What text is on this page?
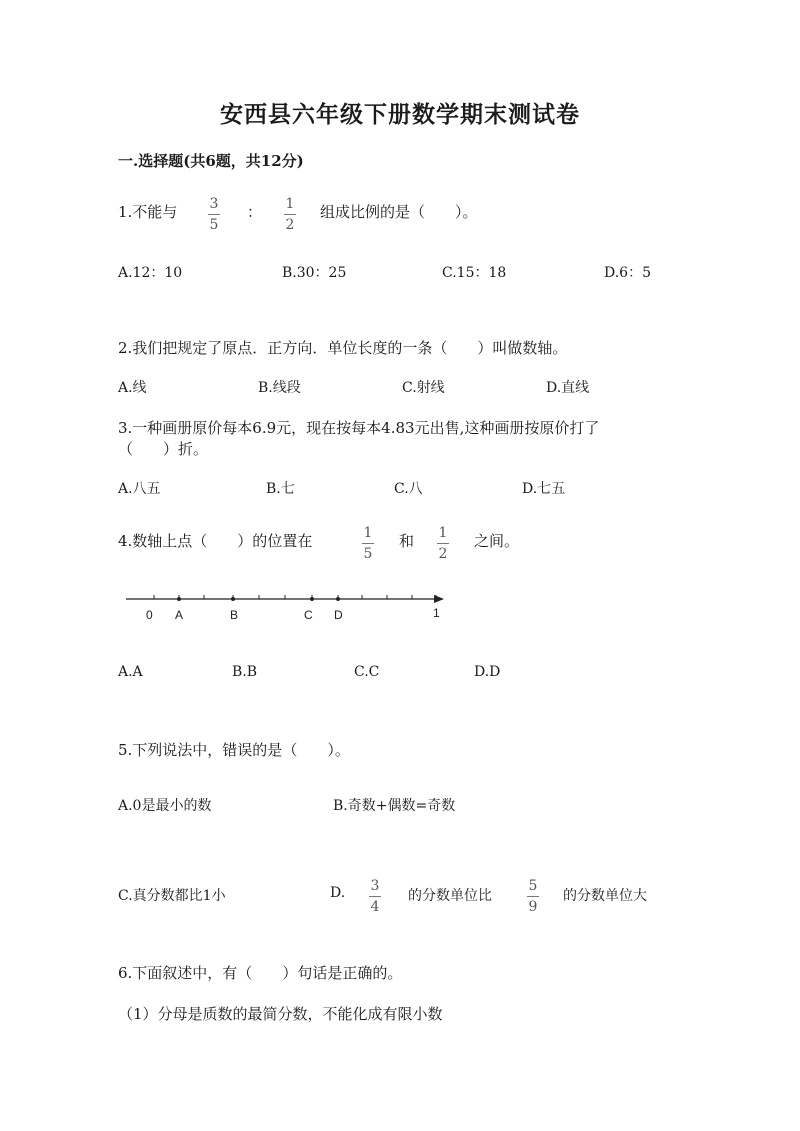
安西县六年级下册数学期末测试卷
一.选择题(共6题，共12分)
1.不能与 3
5
： 1
2
组成比例的是（　　）。
A.12：10	B.30：25	C.15：18	D.6：5
2.我们把规定了原点．正方向．单位长度的一条（　　）叫做数轴。
A.线	B.线段	C.射线	D.直线
3.一种画册原价每本6.9元，现在按每本4.83元出售,这种画册按原价打了
（　　）折。
A.八五	B.七	C.八	D.七五
4.数轴上点（　　）的位置在	1
5
和 1
2
之间。
0 A	B	C D	1
A.A	B.B	C.C	D.D
5.下列说法中，错误的是（　　）。
A.0是最小的数	B.奇数+偶数=奇数
C.真分数都比1小	D. 3
4
的分数单位比
5
9
的分数单位大
6.下面叙述中，有（　　）句话是正确的。
（1）分母是质数的最简分数，不能化成有限小数
